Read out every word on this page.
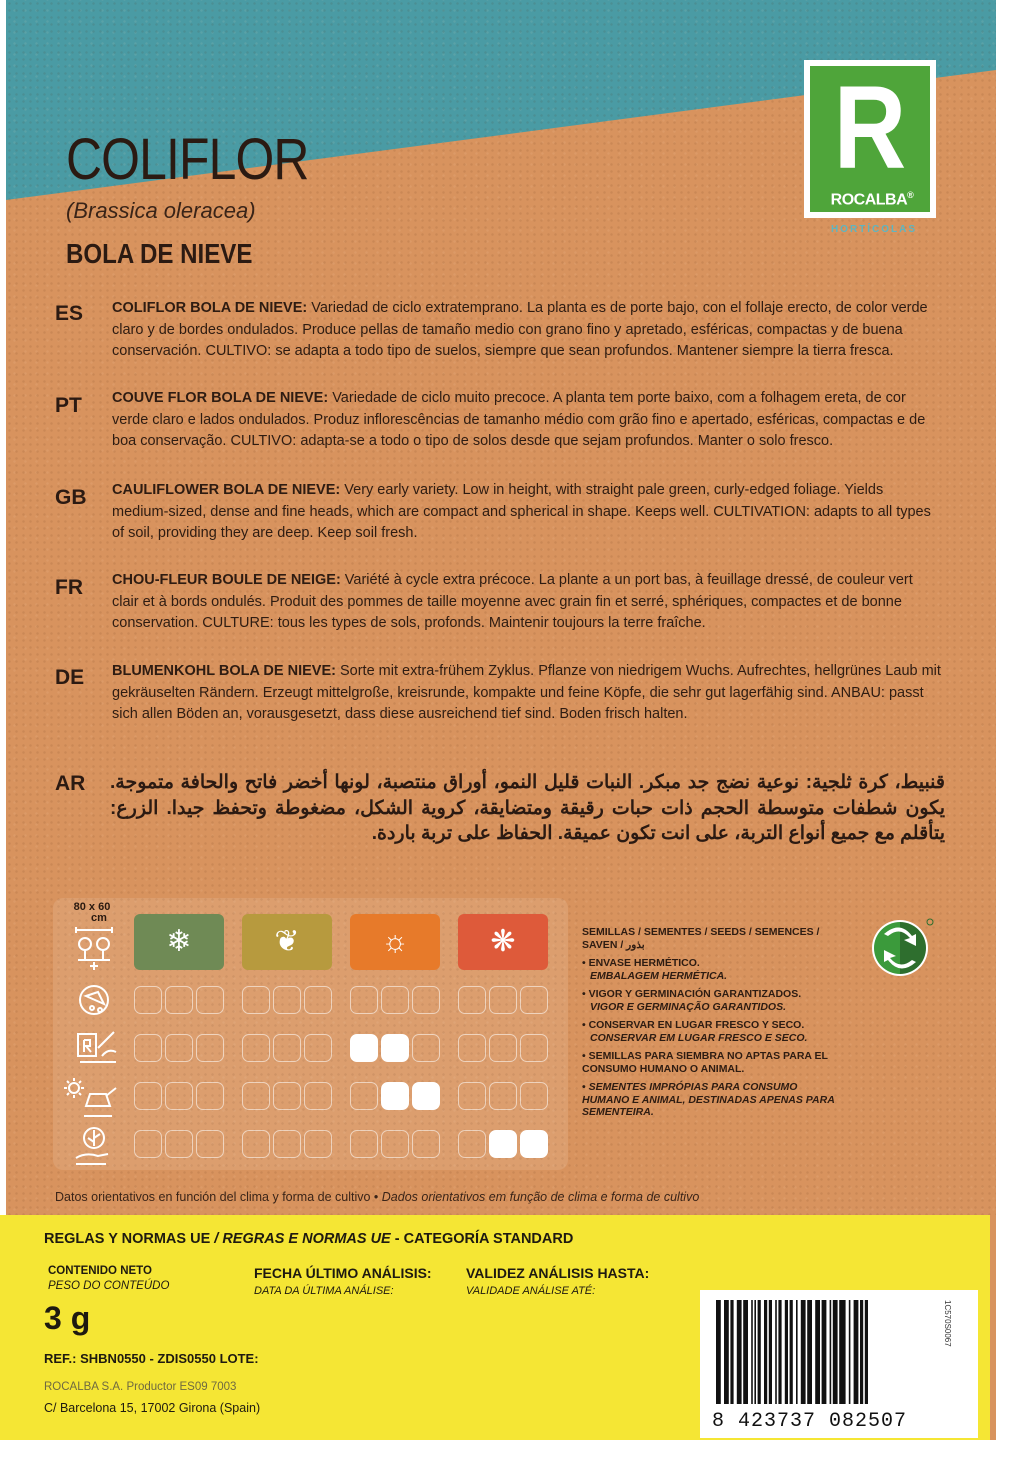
COLIFLOR
(Brassica oleracea)
BOLA DE NIEVE
R
ROCALBA®
HORTÍCOLAS
ES COLIFLOR BOLA DE NIEVE: Variedad de ciclo extratemprano. La planta es de porte bajo, con el follaje erecto, de color verde claro y de bordes ondulados. Produce pellas de tamaño medio con grano fino y apretado, esféricas, compactas y de buena conservación. CULTIVO: se adapta a todo tipo de suelos, siempre que sean profundos. Mantener siempre la tierra fresca.
PT COUVE FLOR BOLA DE NIEVE: Variedade de ciclo muito precoce. A planta tem porte baixo, com a folhagem ereta, de cor verde claro e lados ondulados. Produz inflorescências de tamanho médio com grão fino e apertado, esféricas, compactas e de boa conservação. CULTIVO: adapta-se a todo o tipo de solos desde que sejam profundos. Manter o solo fresco.
GB CAULIFLOWER BOLA DE NIEVE: Very early variety. Low in height, with straight pale green, curly-edged foliage. Yields medium-sized, dense and fine heads, which are compact and spherical in shape. Keeps well. CULTIVATION: adapts to all types of soil, providing they are deep. Keep soil fresh.
FR CHOU-FLEUR BOULE DE NEIGE: Variété à cycle extra précoce. La plante a un port bas, à feuillage dressé, de couleur vert clair et à bords ondulés. Produit des pommes de taille moyenne avec grain fin et serré, sphériques, compactes et de bonne conservation. CULTURE: tous les types de sols, profonds. Maintenir toujours la terre fraîche.
DE BLUMENKOHL BOLA DE NIEVE: Sorte mit extra-frühem Zyklus. Pflanze von niedrigem Wuchs. Aufrechtes, hellgrünes Laub mit gekräuselten Rändern. Erzeugt mittelgroße, kreisrunde, kompakte und feine Köpfe, die sehr gut lagerfähig sind. ANBAU: passt sich allen Böden an, vorausgesetzt, dass diese ausreichend tief sind. Boden frisch halten.
AR قنبيط، كرة ثلجية: نوعية نضج جد مبكر. النبات قليل النمو، أوراق منتصبة، لونها أخضر فاتح والحافة متموجة. يكون شطفات متوسطة الحجم ذات حبات رقيقة ومتضايقة، كروية الشكل، مضغوطة وتحفظ جيدا. الزرع: يتأقلم مع جميع أنواع التربة، على انت تكون عميقة. الحفاظ على تربة باردة.
80 x 60
cm
❄	❦	☼	❋	SEMILLAS / SEMENTES / SEEDS / SEMENCES / SAVEN / بذور
• ENVASE HERMÉTICO.
EMBALAGEM HERMÉTICA.
• VIGOR Y GERMINACIÓN GARANTIZADOS.
VIGOR E GERMINAÇÃO GARANTIDOS.
• CONSERVAR EN LUGAR FRESCO Y SECO.
CONSERVAR EM LUGAR FRESCO E SECO.
• SEMILLAS PARA SIEMBRA NO APTAS PARA EL CONSUMO HUMANO O ANIMAL.
• SEMENTES IMPRÓPIAS PARA CONSUMO HUMANO E ANIMAL, DESTINADAS APENAS PARA SEMENTEIRA.
Datos orientativos en función del clima y forma de cultivo • Dados orientativos em função de clima e forma de cultivo
REGLAS Y NORMAS UE / REGRAS E NORMAS UE - CATEGORÍA STANDARD
CONTENIDO NETO
PESO DO CONTEÚDO
3 g
FECHA ÚLTIMO ANÁLISIS:
DATA DA ÚLTIMA ANÁLISE:
VALIDEZ ANÁLISIS HASTA:
VALIDADE ANÁLISE ATÉ:
REF.: SHBN0550 - ZDIS0550 LOTE:
ROCALBA S.A. Productor ES09 7003
C/ Barcelona 15, 17002 Girona (Spain)
8 423737 082507
1C570S0067
